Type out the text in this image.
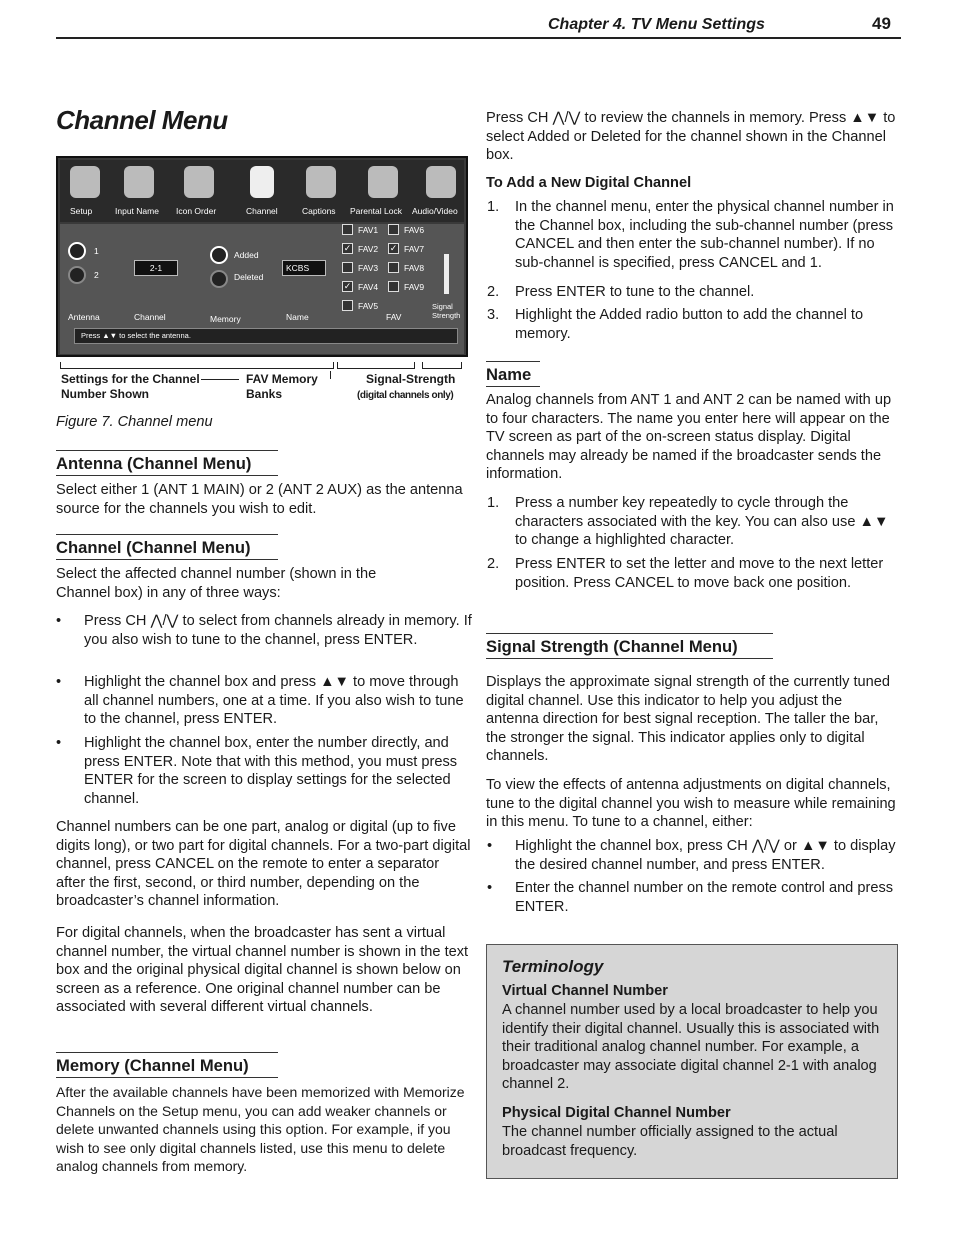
Chapter 4. TV Menu Settings	49
Channel Menu
Setup	Input Name Icon Order	Channel	Captions Parental Lock Audio/Video
1
2
2-1
Added
Deleted
KCBS
FAV1
✓ FAV2
FAV3
✓ FAV4
FAV5
FAV6
✓ FAV7
FAV8
FAV9
Antenna	Channel	Memory	Name	FAV
Signal Strength
Press ▲▼ to select the antenna.
Settings for the Channel Number Shown
FAV Memory Banks
Signal-Strength
(digital channels only)
Figure 7. Channel menu
Antenna (Channel Menu)
Select either 1 (ANT 1 MAIN) or 2 (ANT 2 AUX) as the antenna source for the channels you wish to edit.
Channel (Channel Menu)
Select the affected channel number (shown in the
Channel box) in any of three ways:
• Press CH ⋀/⋁ to select from channels already in memory. If you also wish to tune to the channel, press ENTER.
• Highlight the channel box and press ▲▼ to move through all channel numbers, one at a time. If you also wish to tune to the channel, press ENTER.
• Highlight the channel box, enter the number directly, and press ENTER. Note that with this method, you must press ENTER for the screen to display settings for the selected channel.
Channel numbers can be one part, analog or digital (up to five digits long), or two part for digital channels. For a two-part digital channel, press CANCEL on the remote to enter a separator after the first, second, or third number, depending on the broadcaster’s channel information.
For digital channels, when the broadcaster has sent a virtual channel number, the virtual channel number is shown in the text box and the original physical digital channel is shown below on screen as a reference. One original channel number can be associated with several different virtual channels.
Memory (Channel Menu)
After the available channels have been memorized with Memorize Channels on the Setup menu, you can add weaker channels or delete unwanted channels using this option. For example, if you wish to see only digital channels listed, use this menu to delete analog channels from memory.
Press CH ⋀/⋁ to review the channels in memory. Press ▲▼ to select Added or Deleted for the channel shown in the Channel box.
To Add a New Digital Channel
1. In the channel menu, enter the physical channel number in the Channel box, including the sub-channel number (press CANCEL and then enter the sub-channel number). If no sub-channel is specified, press CANCEL and 1.
2. Press ENTER to tune to the channel.
3. Highlight the Added radio button to add the channel to memory.
Name
Analog channels from ANT 1 and ANT 2 can be named with up to four characters. The name you enter here will appear on the TV screen as part of the on-screen status display. Digital channels may already be named if the broadcaster sends the information.
1. Press a number key repeatedly to cycle through the characters associated with the key. You can also use ▲▼ to change a highlighted character.
2. Press ENTER to set the letter and move to the next letter position. Press CANCEL to move back one position.
Signal Strength (Channel Menu)
Displays the approximate signal strength of the currently tuned digital channel. Use this indicator to help you adjust the antenna direction for best signal reception. The taller the bar, the stronger the signal. This indicator applies only to digital channels.
To view the effects of antenna adjustments on digital channels, tune to the digital channel you wish to measure while remaining in this menu. To tune to a channel, either:
• Highlight the channel box, press CH ⋀/⋁ or ▲▼ to display the desired channel number, and press ENTER.
• Enter the channel number on the remote control and press ENTER.
Terminology
Virtual Channel Number
A channel number used by a local broadcaster to help you identify their digital channel. Usually this is associated with their traditional analog channel number. For example, a broadcaster may associate digital channel 2-1 with analog channel 2.
Physical Digital Channel Number
The channel number officially assigned to the actual broadcast frequency.
